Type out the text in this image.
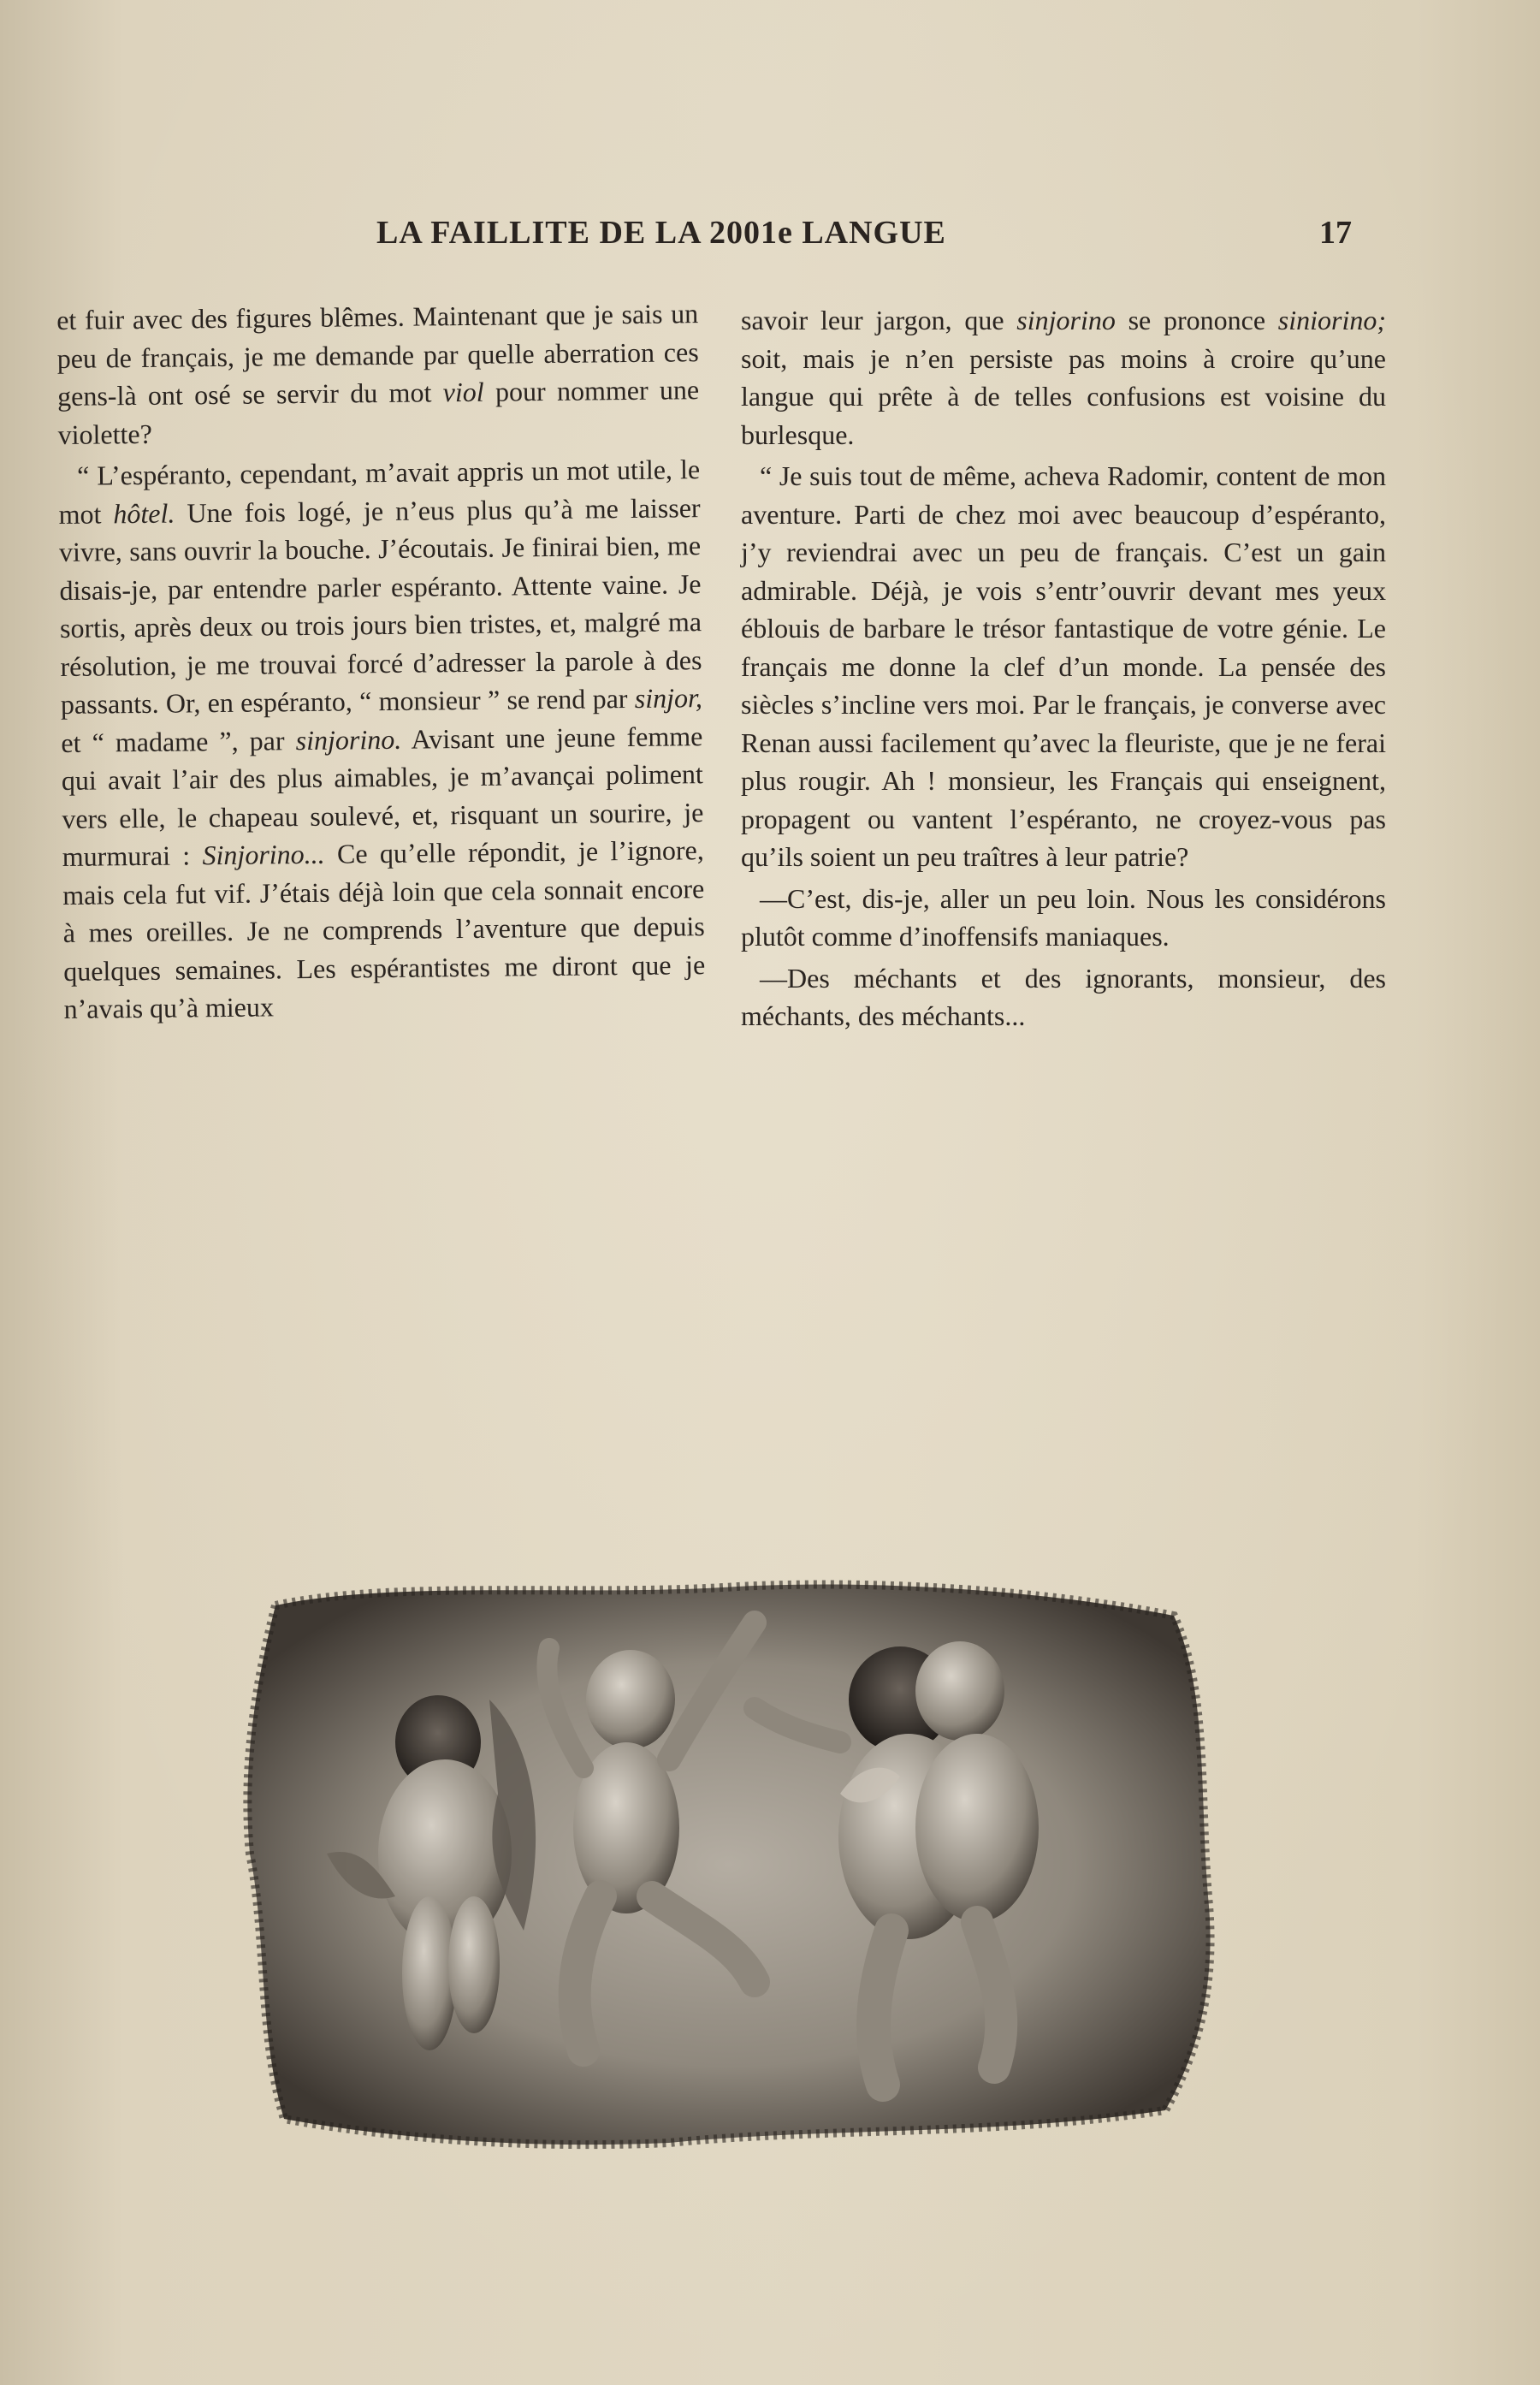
LA FAILLITE DE LA 2001e LANGUE	17

et fuir avec des figures blêmes. Maintenant que je sais un peu de français, je me demande par quelle aberration ces gens-là ont osé se servir du mot viol pour nommer une violette?

“ L’espéranto, cependant, m’avait appris un mot utile, le mot hôtel. Une fois logé, je n’eus plus qu’à me laisser vivre, sans ouvrir la bouche. J’écoutais. Je finirai bien, me disais-je, par entendre parler espéranto. Attente vaine. Je sortis, après deux ou trois jours bien tristes, et, malgré ma résolution, je me trouvai forcé d’adresser la parole à des passants. Or, en espéranto, “ monsieur ” se rend par sinjor, et “ madame ”, par sinjorino. Avisant une jeune femme qui avait l’air des plus aimables, je m’avançai poliment vers elle, le chapeau soulevé, et, risquant un sourire, je murmurai : Sinjorino... Ce qu’elle répondit, je l’ignore, mais cela fut vif. J’étais déjà loin que cela sonnait encore à mes oreilles. Je ne comprends l’aventure que depuis quelques semaines. Les espérantistes me diront que je n’avais qu’à mieux

savoir leur jargon, que sinjorino se prononce siniorino; soit, mais je n’en persiste pas moins à croire qu’une langue qui prête à de telles confusions est voisine du burlesque.

“ Je suis tout de même, acheva Radomir, content de mon aventure. Parti de chez moi avec beaucoup d’espéranto, j’y reviendrai avec un peu de français. C’est un gain admirable. Déjà, je vois s’entr’ouvrir devant mes yeux éblouis de barbare le trésor fantastique de votre génie. Le français me donne la clef d’un monde. La pensée des siècles s’incline vers moi. Par le français, je converse avec Renan aussi facilement qu’avec la fleuriste, que je ne ferai plus rougir. Ah ! monsieur, les Français qui enseignent, propagent ou vantent l’espéranto, ne croyez-vous pas qu’ils soient un peu traîtres à leur patrie?

—C’est, dis-je, aller un peu loin. Nous les considérons plutôt comme d’inoffensifs maniaques.

—Des méchants et des ignorants, monsieur, des méchants, des méchants...
